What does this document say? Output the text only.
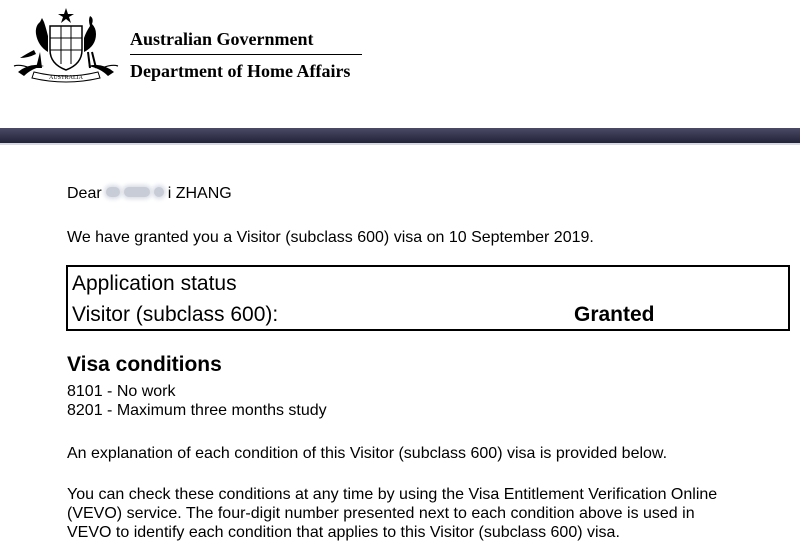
AUSTRALIA
Australian Government
Department of Home Affairs
Dear	i ZHANG
We have granted you a Visitor (subclass 600) visa on 10 September 2019.
Visa conditions
8101 - No work
8201 - Maximum three months study
An explanation of each condition of this Visitor (subclass 600) visa is provided below.
You can check these conditions at any time by using the Visa Entitlement Verification Online
(VEVO) service. The four-digit number presented next to each condition above is used in
VEVO to identify each condition that applies to this Visitor (subclass 600) visa.
Application status
Visitor (subclass 600):	Granted
